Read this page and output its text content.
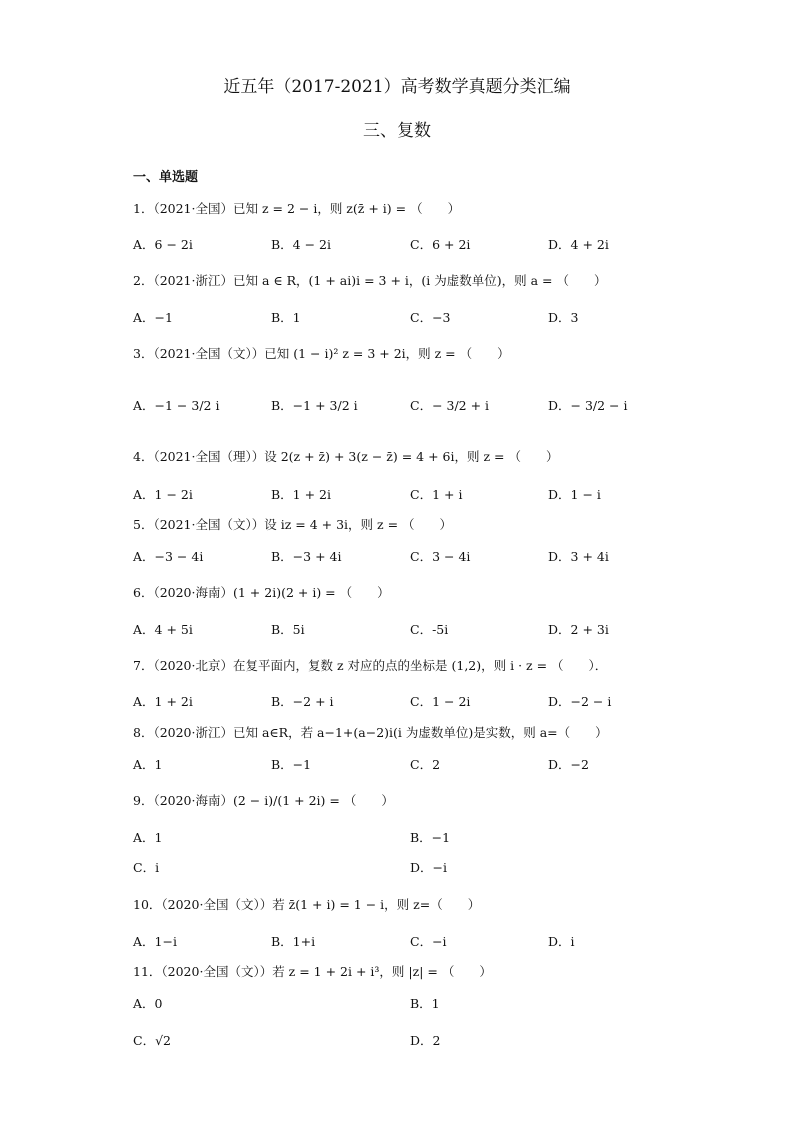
近五年（2017-2021）高考数学真题分类汇编
三、复数
一、单选题
1．（2021·全国）已知 z = 2 − i，则 z(z̄ + i) = （　　）
A．6 − 2i	B．4 − 2i	C．6 + 2i	D．4 + 2i
2．（2021·浙江）已知 a ∈ R，(1 + ai)i = 3 + i，(i 为虚数单位)，则 a = （　　）
A．−1	B．1	C．−3	D．3
3．（2021·全国（文））已知 (1 − i)² z = 3 + 2i，则 z = （　　）
A．−1 − 3/2 i	B．−1 + 3/2 i	C．− 3/2 + i	D．− 3/2 − i
4．（2021·全国（理））设 2(z + z̄) + 3(z − z̄) = 4 + 6i，则 z = （　　）
A．1 − 2i	B．1 + 2i	C．1 + i	D．1 − i
5．（2021·全国（文））设 iz = 4 + 3i，则 z = （　　）
A．−3 − 4i	B．−3 + 4i	C．3 − 4i	D．3 + 4i
6．（2020·海南）(1 + 2i)(2 + i) = （　　）
A．4 + 5i	B．5i	C．-5i	D．2 + 3i
7．（2020·北京）在复平面内，复数 z 对应的点的坐标是 (1,2)，则 i · z = （　　）．
A．1 + 2i	B．−2 + i	C．1 − 2i	D．−2 − i
8．（2020·浙江）已知 a∈R，若 a−1+(a−2)i(i 为虚数单位)是实数，则 a=（　　）
A．1	B．−1	C．2	D．−2
9．（2020·海南）(2 − i)/(1 + 2i) = （　　）
A．1	B．−1
C．i	D．−i
10．（2020·全国（文））若 z̄(1 + i) = 1 − i，则 z=（　　）
A．1−i	B．1+i	C．−i	D．i
11．（2020·全国（文））若 z = 1 + 2i + i³，则 |z| = （　　）
A．0	B．1
C．√2	D．2
